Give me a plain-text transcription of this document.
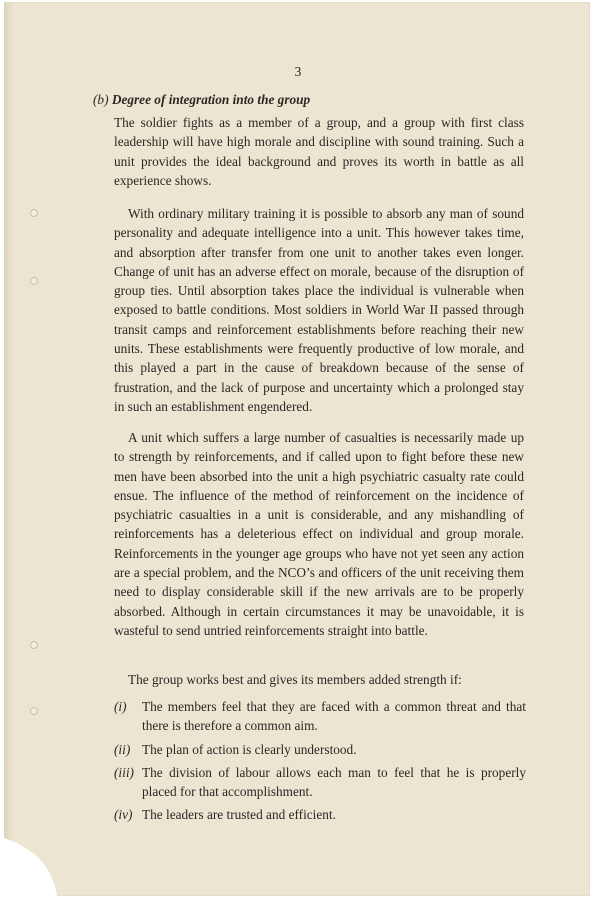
3
(b) Degree of integration into the group

The soldier fights as a member of a group, and a group with first class leadership will have high morale and discipline with sound training. Such a unit provides the ideal background and proves its worth in battle as all experience shows.

With ordinary military training it is possible to absorb any man of sound personality and adequate intelligence into a unit. This however takes time, and absorption after transfer from one unit to another takes even longer. Change of unit has an adverse effect on morale, because of the disruption of group ties. Until absorption takes place the individual is vulnerable when exposed to battle conditions. Most soldiers in World War II passed through transit camps and reinforcement establishments before reaching their new units. These establishments were frequently productive of low morale, and this played a part in the cause of breakdown because of the sense of frustration, and the lack of purpose and uncertainty which a prolonged stay in such an establishment engendered.

A unit which suffers a large number of casualties is necessarily made up to strength by reinforcements, and if called upon to fight before these new men have been absorbed into the unit a high psychiatric casualty rate could ensue. The influence of the method of reinforcement on the incidence of psychiatric casualties in a unit is considerable, and any mishandling of reinforcements has a deleterious effect on individual and group morale. Reinforcements in the younger age groups who have not yet seen any action are a special problem, and the NCO’s and officers of the unit receiving them need to display considerable skill if the new arrivals are to be properly absorbed. Although in certain circumstances it may be unavoidable, it is wasteful to send untried reinforcements straight into battle.

The group works best and gives its members added strength if:

(i)	The members feel that they are faced with a common threat and that there is therefore a common aim.
(ii) The plan of action is clearly understood.
(iii) The division of labour allows each man to feel that he is properly placed for that accomplishment.
(iv) The leaders are trusted and efficient.
